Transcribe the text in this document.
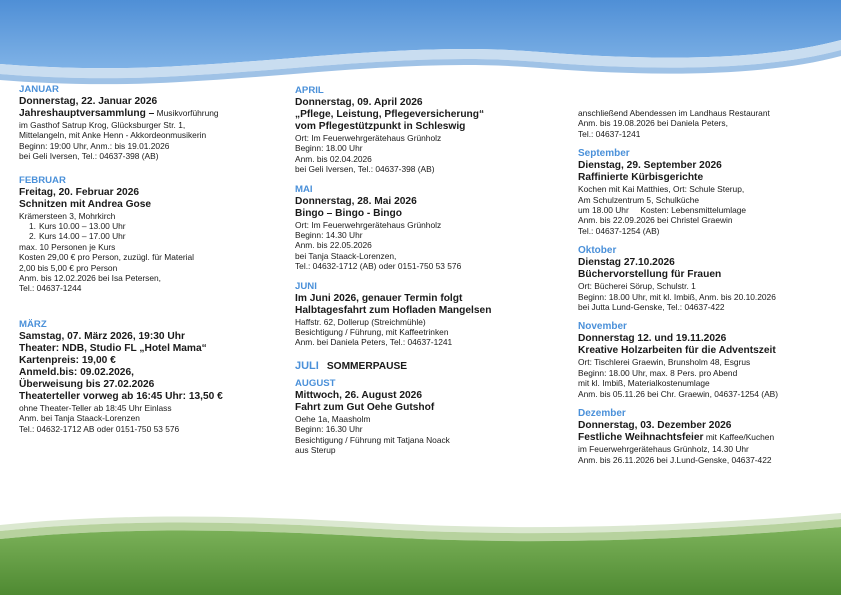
JANUAR
Donnerstag, 22. Januar 2026
Jahreshauptversammlung – Musikvorführung
im Gasthof Satrup Krog, Glücksburger Str. 1,
Mittelangeln, mit Anke Henn - Akkordeonmusikerin
Beginn: 19:00 Uhr, Anm.: bis 19.01.2026
bei Geli Iversen, Tel.: 04637-398 (AB)
FEBRUAR
Freitag, 20. Februar 2026
Schnitzen mit Andrea Gose
Krämersteen 3, Mohrkirch
1. Kurs 10.00 – 13.00 Uhr
2. Kurs 14.00 – 17.00 Uhr
max. 10 Personen je Kurs
Kosten 29,00 € pro Person, zuzügl. für Material
2,00 bis 5,00 € pro Person
Anm. bis 12.02.2026 bei Isa Petersen,
Tel.: 04637-1244
MÄRZ
Samstag, 07. März 2026, 19:30 Uhr
Theater: NDB, Studio FL „Hotel Mama“
Kartenpreis: 19,00 €
Anmeld.bis: 09.02.2026,
Überweisung bis 27.02.2026
Theaterteller vorweg ab 16:45 Uhr: 13,50 €
ohne Theater-Teller ab 18:45 Uhr Einlass
Anm. bei Tanja Staack-Lorenzen
Tel.: 04632-1712 AB oder 0151-750 53 576
APRIL
Donnerstag, 09. April 2026
„Pflege, Leistung, Pflegeversicherung“
vom Pflegestützpunkt in Schleswig
Ort: Im Feuerwehrgerätehaus Grünholz
Beginn: 18.00 Uhr
Anm. bis 02.04.2026
bei Geli Iversen, Tel.: 04637-398 (AB)
MAI
Donnerstag, 28. Mai 2026
Bingo – Bingo - Bingo
Ort: Im Feuerwehrgerätehaus Grünholz
Beginn: 14.30 Uhr
Anm. bis 22.05.2026
bei Tanja Staack-Lorenzen,
Tel.: 04632-1712 (AB) oder 0151-750 53 576
JUNI
Im Juni 2026, genauer Termin folgt
Halbtagesfahrt zum Hofladen Mangelsen
Haffstr. 62, Dollerup (Streichmühle)
Besichtigung / Führung, mit Kaffeetrinken
Anm. bei Daniela Peters, Tel.: 04637-1241
JULI SOMMERPAUSE
AUGUST
Mittwoch, 26. August 2026
Fahrt zum Gut Oehe Gutshof
Oehe 1a, Maasholm
Beginn: 16.30 Uhr
Besichtigung / Führung mit Tatjana Noack
aus Sterup
anschließend Abendessen im Landhaus Restaurant
Anm. bis 19.08.2026 bei Daniela Peters,
Tel.: 04637-1241
September
Dienstag, 29. September 2026
Raffinierte Kürbisgerichte
Kochen mit Kai Matthies, Ort: Schule Sterup,
Am Schulzentrum 5, Schulküche
um 18.00 Uhr     Kosten: Lebensmittelumlage
Anm. bis 22.09.2026 bei Christel Graewin
Tel.: 04637-1254 (AB)
Oktober
Dienstag 27.10.2026
Büchervorstellung für Frauen
Ort: Bücherei Sörup, Schulstr. 1
Beginn: 18.00 Uhr, mit kl. Imbiß, Anm. bis 20.10.2026
bei Jutta Lund-Genske, Tel.: 04637-422
November
Donnerstag 12. und 19.11.2026
Kreative Holzarbeiten für die Adventszeit
Ort: Tischlerei Graewin, Brunsholm 48, Esgrus
Beginn: 18.00 Uhr, max. 8 Pers. pro Abend
mit kl. Imbiß, Materialkostenumlage
Anm. bis 05.11.26 bei Chr. Graewin, 04637-1254 (AB)
Dezember
Donnerstag, 03. Dezember 2026
Festliche Weihnachtsfeier mit Kaffee/Kuchen
im Feuerwehrgerätehaus Grünholz, 14.30 Uhr
Anm. bis 26.11.2026 bei J.Lund-Genske, 04637-422
